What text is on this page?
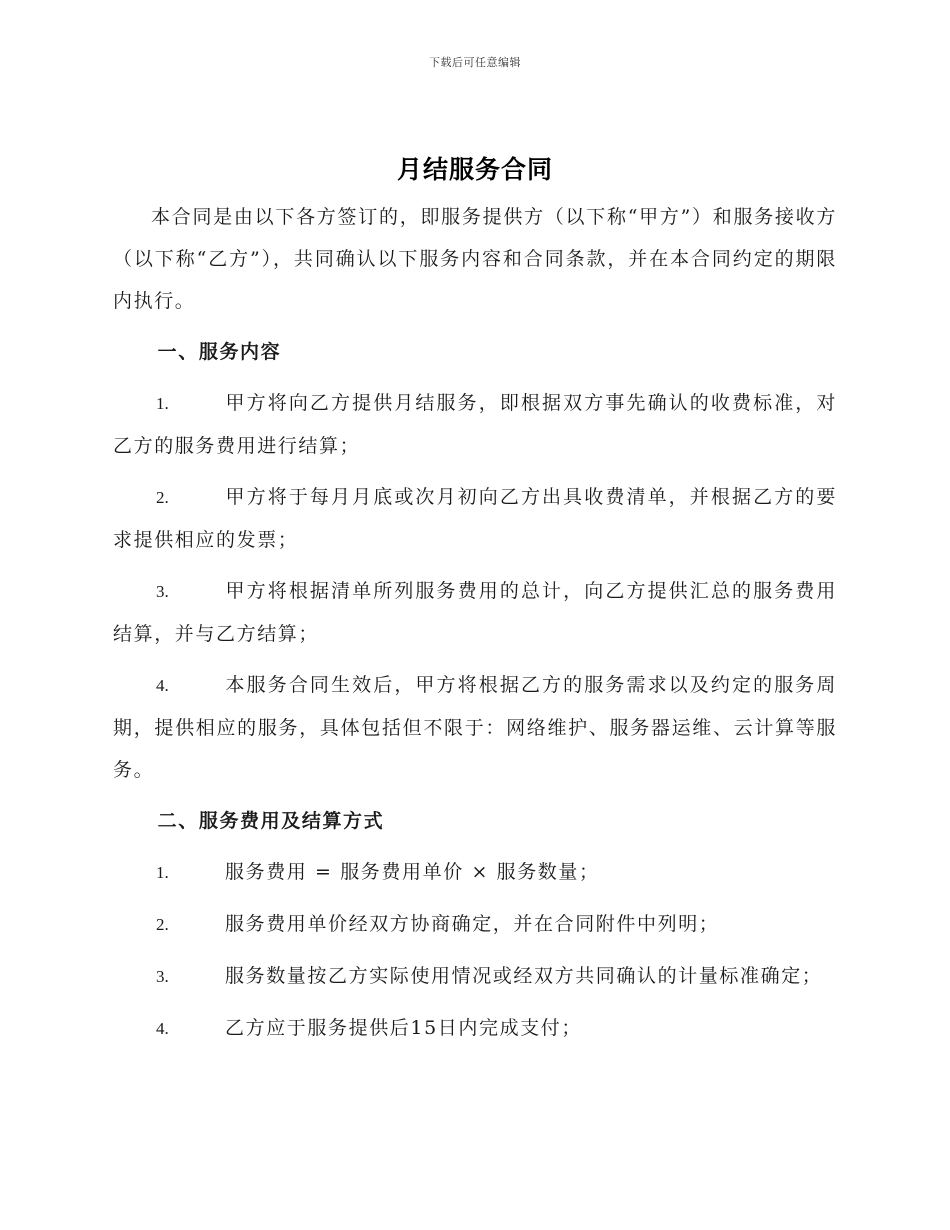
下载后可任意编辑
月结服务合同

本合同是由以下各方签订的，即服务提供方（以下称“甲方”）和服务接收方（以下称“乙方”），共同确认以下服务内容和合同条款，并在本合同约定的期限内执行。

一、服务内容

1.	甲方将向乙方提供月结服务，即根据双方事先确认的收费标准，对乙方的服务费用进行结算；

2.	甲方将于每月月底或次月初向乙方出具收费清单，并根据乙方的要求提供相应的发票；

3.	甲方将根据清单所列服务费用的总计，向乙方提供汇总的服务费用结算，并与乙方结算；

4.	本服务合同生效后，甲方将根据乙方的服务需求以及约定的服务周期，提供相应的服务，具体包括但不限于：网络维护、服务器运维、云计算等服务。

二、服务费用及结算方式

1.	服务费用 = 服务费用单价 × 服务数量；

2.	服务费用单价经双方协商确定，并在合同附件中列明；

3.	服务数量按乙方实际使用情况或经双方共同确认的计量标准确定；

4.	乙方应于服务提供后15日内完成支付；
